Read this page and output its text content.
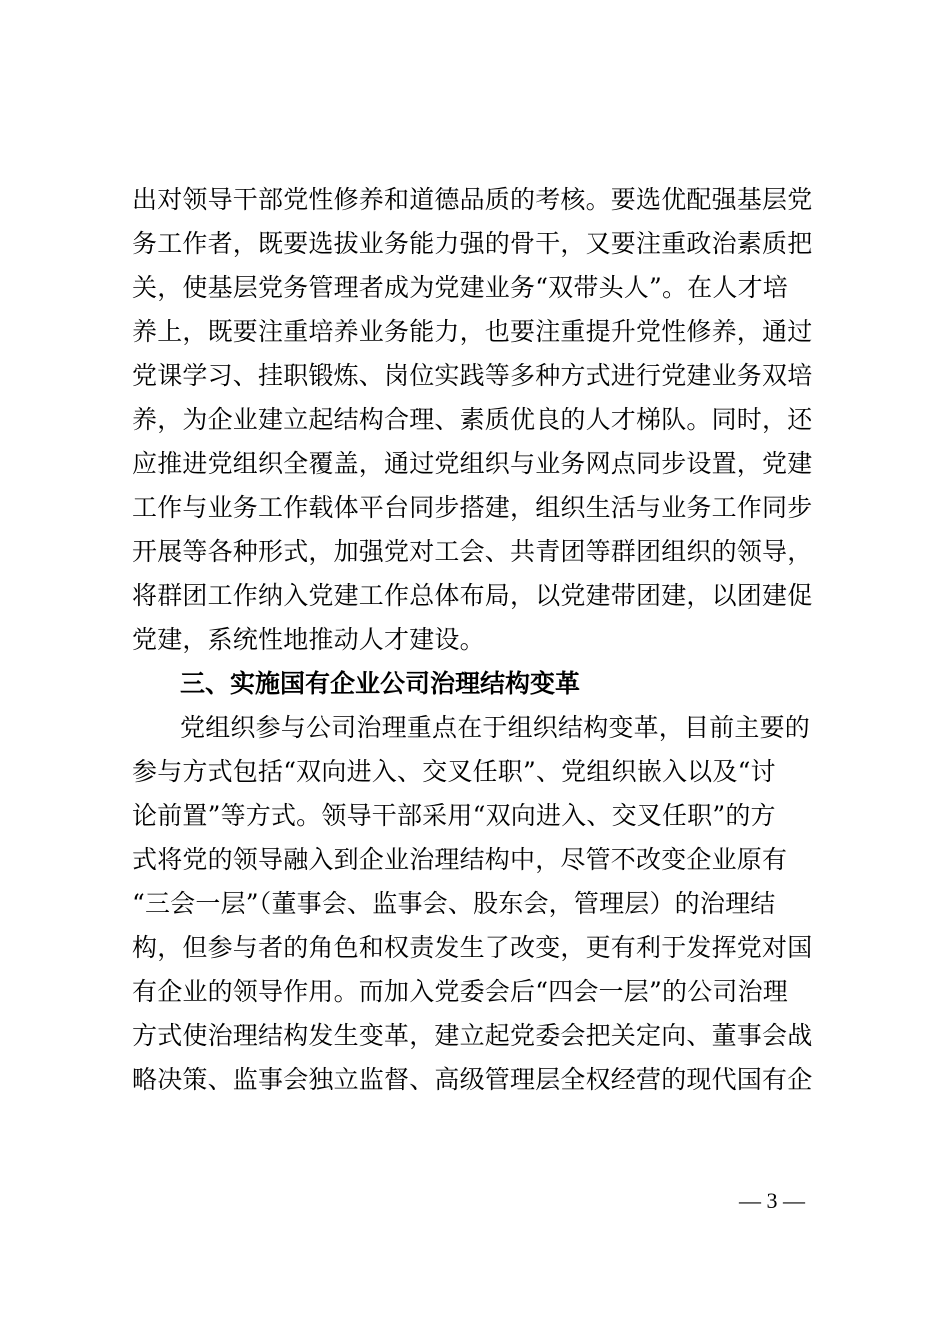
出对领导干部党性修养和道德品质的考核。要选优配强基层党
务工作者，既要选拔业务能力强的骨干，又要注重政治素质把
关，使基层党务管理者成为党建业务“双带头人”。在人才培
养上，既要注重培养业务能力，也要注重提升党性修养，通过
党课学习、挂职锻炼、岗位实践等多种方式进行党建业务双培
养，为企业建立起结构合理、素质优良的人才梯队。同时，还
应推进党组织全覆盖，通过党组织与业务网点同步设置，党建
工作与业务工作载体平台同步搭建，组织生活与业务工作同步
开展等各种形式，加强党对工会、共青团等群团组织的领导，
将群团工作纳入党建工作总体布局，以党建带团建，以团建促
党建，系统性地推动人才建设。
三、实施国有企业公司治理结构变革
党组织参与公司治理重点在于组织结构变革，目前主要的
参与方式包括“双向进入、交叉任职”、党组织嵌入以及“讨
论前置”等方式。领导干部采用“双向进入、交叉任职”的方
式将党的领导融入到企业治理结构中，尽管不改变企业原有
“三会一层”（董事会、监事会、股东会，管理层）的治理结
构，但参与者的角色和权责发生了改变，更有利于发挥党对国
有企业的领导作用。而加入党委会后“四会一层”的公司治理
方式使治理结构发生变革，建立起党委会把关定向、董事会战
略决策、监事会独立监督、高级管理层全权经营的现代国有企
— 3 —
